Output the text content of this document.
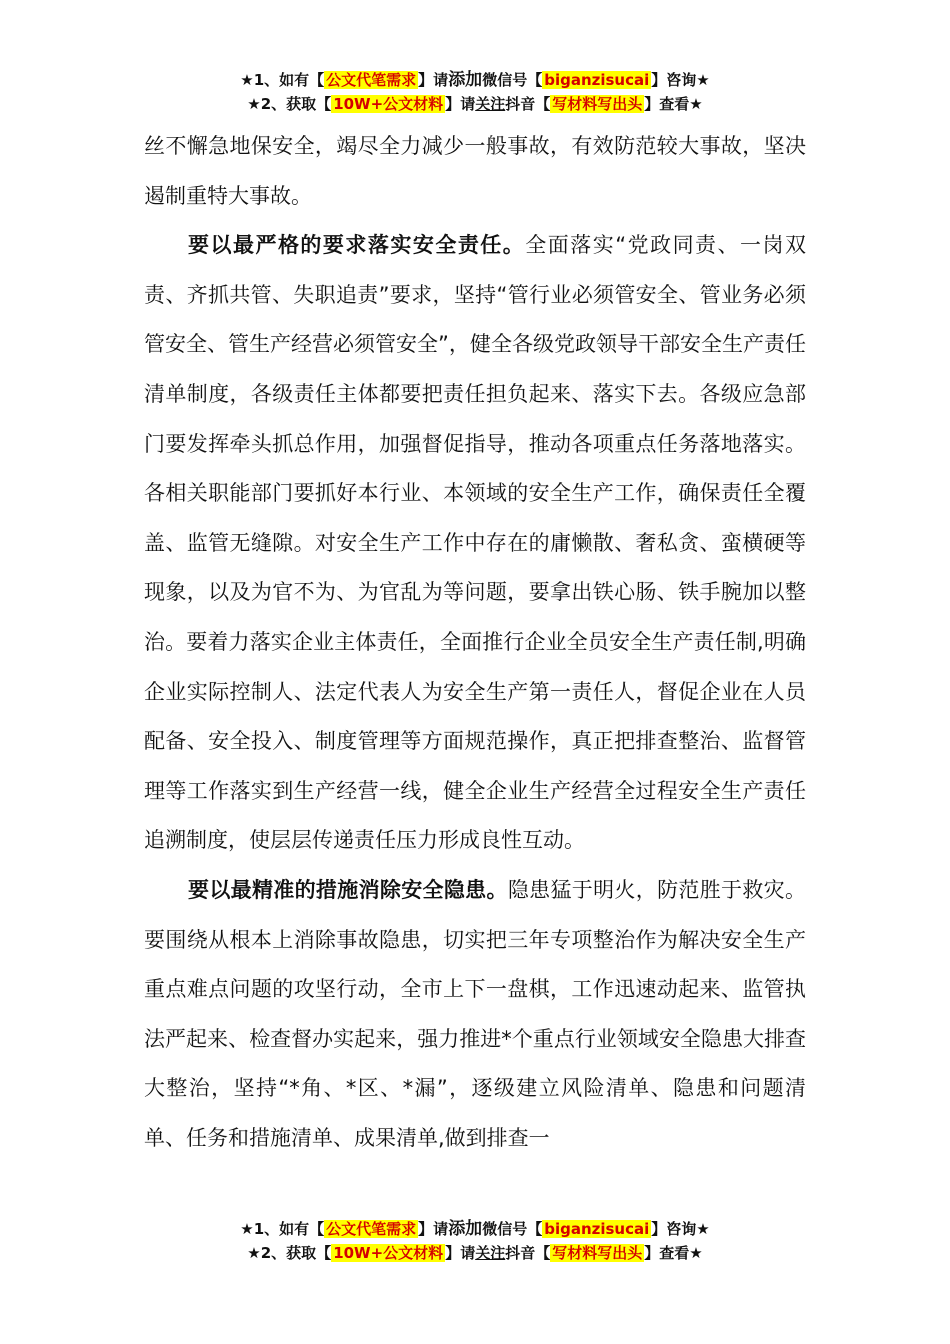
★1、如有【 公文代笔需求 】请添加微信号【 biganzisucai 】咨询★
★2、获取【 10W+公文材料 】请关注抖音【 写材料写出头 】查看★

丝不懈急地保安全，竭尽全力减少一般事故，有效防范较大事故，坚决遏制重特大事故。

要以最严格的要求落实安全责任。全面落实“党政同责、一岗双责、齐抓共管、失职追责”要求，坚持“管行业必须管安全、管业务必须管安全、管生产经营必须管安全”，健全各级党政领导干部安全生产责任清单制度，各级责任主体都要把责任担负起来、落实下去。各级应急部门要发挥牵头抓总作用，加强督促指导，推动各项重点任务落地落实。各相关职能部门要抓好本行业、本领域的安全生产工作，确保责任全覆盖、监管无缝隙。对安全生产工作中存在的庸懒散、奢私贪、蛮横硬等现象，以及为官不为、为官乱为等问题，要拿出铁心肠、铁手腕加以整治。要着力落实企业主体责任，全面推行企业全员安全生产责任制,明确企业实际控制人、法定代表人为安全生产第一责任人，督促企业在人员配备、安全投入、制度管理等方面规范操作，真正把排查整治、监督管理等工作落实到生产经营一线，健全企业生产经营全过程安全生产责任追溯制度，使层层传递责任压力形成良性互动。

要以最精准的措施消除安全隐患。隐患猛于明火，防范胜于救灾。要围绕从根本上消除事故隐患，切实把三年专项整治作为解决安全生产重点难点问题的攻坚行动，全市上下一盘棋，工作迅速动起来、监管执法严起来、检查督办实起来，强力推进*个重点行业领域安全隐患大排查大整治，坚持“*角、*区、*漏”，逐级建立风险清单、隐患和问题清单、任务和措施清单、成果清单,做到排查一

★1、如有【 公文代笔需求 】请添加微信号【 biganzisucai 】咨询★
★2、获取【 10W+公文材料 】请关注抖音【 写材料写出头 】查看★
